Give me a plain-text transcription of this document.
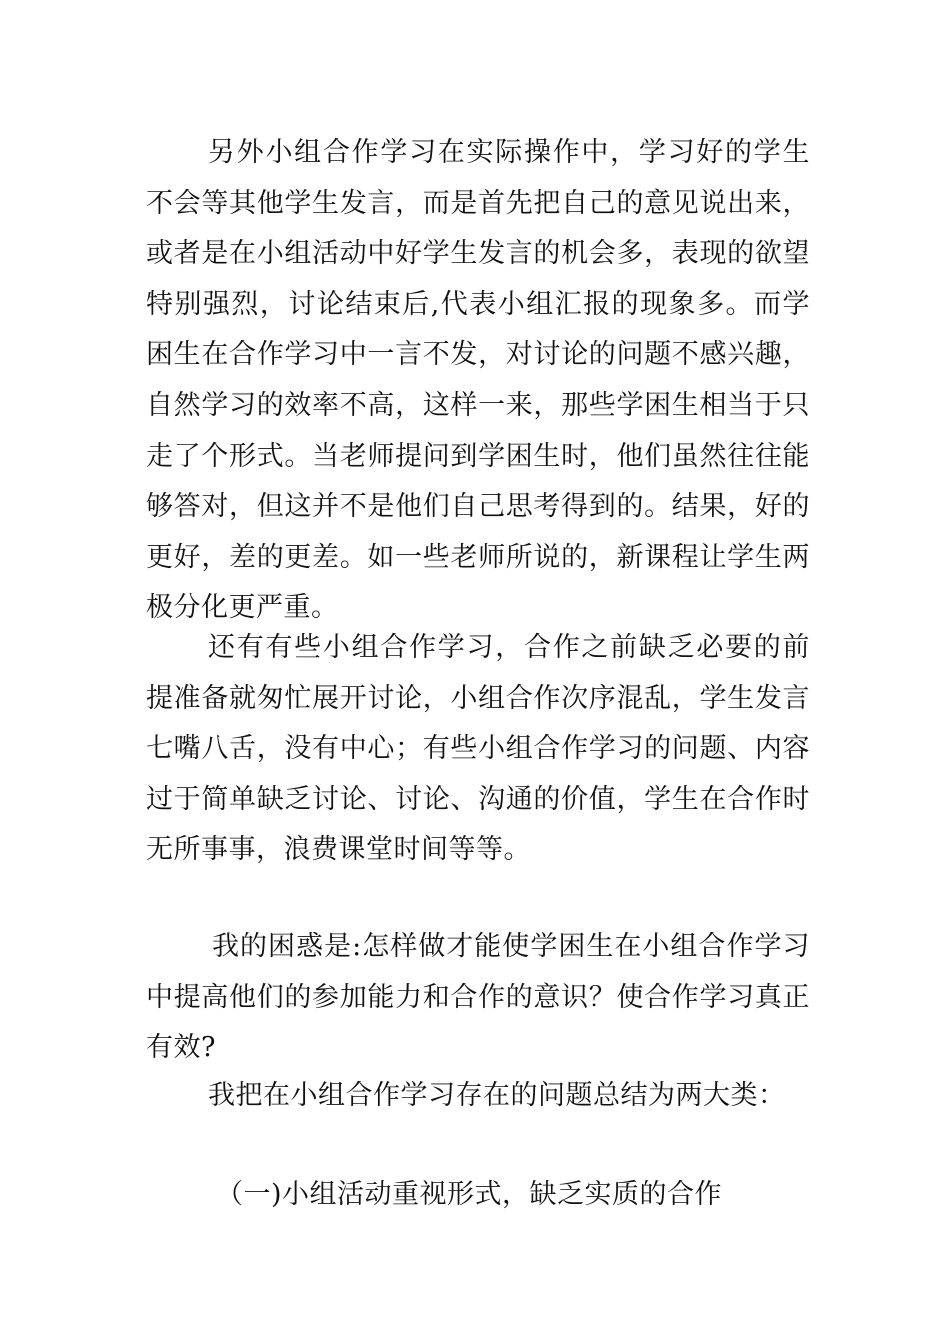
另外小组合作学习在实际操作中，学习好的学生不会等其他学生发言，而是首先把自己的意见说出来，或者是在小组活动中好学生发言的机会多，表现的欲望特别强烈，讨论结束后,代表小组汇报的现象多。而学困生在合作学习中一言不发，对讨论的问题不感兴趣，自然学习的效率不高，这样一来，那些学困生相当于只走了个形式。当老师提问到学困生时，他们虽然往往能够答对，但这并不是他们自己思考得到的。结果，好的更好，差的更差。如一些老师所说的，新课程让学生两极分化更严重。

还有有些小组合作学习，合作之前缺乏必要的前提准备就匆忙展开讨论，小组合作次序混乱，学生发言七嘴八舌，没有中心；有些小组合作学习的问题、内容过于简单缺乏讨论、讨论、沟通的价值，学生在合作时无所事事，浪费课堂时间等等。

我的困惑是:怎样做才能使学困生在小组合作学习中提高他们的参加能力和合作的意识？使合作学习真正有效?

我把在小组合作学习存在的问题总结为两大类：

（一)小组活动重视形式，缺乏实质的合作
